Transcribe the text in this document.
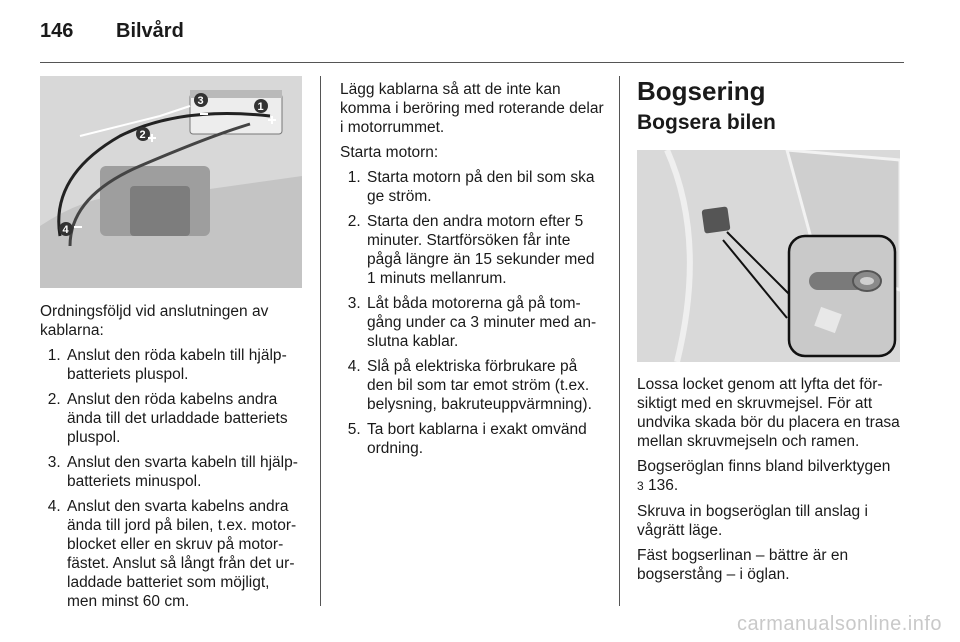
146 Bilvård
1
2
3
4

Ordningsföljd vid anslutningen av kablarna:

1. Anslut den röda kabeln till hjälpbatteriets pluspol.
2. Anslut den röda kabelns andra ända till det urladdade batteriets pluspol.
3. Anslut den svarta kabeln till hjälpbatteriets minuspol.
4. Anslut den svarta kabelns andra ända till jord på bilen, t.ex. motorblocket eller en skruv på motorfästet. Anslut så långt från det urladdade batteriet som möjligt, men minst 60 cm.

Lägg kablarna så att de inte kan komma i beröring med roterande delar i motorrummet.

Starta motorn:

1. Starta motorn på den bil som ska ge ström.
2. Starta den andra motorn efter 5 minuter. Startförsöken får inte pågå längre än 15 sekunder med 1 minuts mellanrum.
3. Låt båda motorerna gå på tomgång under ca 3 minuter med anslutna kablar.
4. Slå på elektriska förbrukare på den bil som tar emot ström (t.ex. belysning, bakruteuppvärmning).
5. Ta bort kablarna i exakt omvänd ordning.
Bogsering
Bogsera bilen

Lossa locket genom att lyfta det försiktigt med en skruvmejsel. För att undvika skada bör du placera en trasa mellan skruvmejseln och ramen.

Bogseröglan finns bland bilverktygen
3 136.

Skruva in bogseröglan till anslag i vågrätt läge.

Fäst bogserlinan – bättre är en bogserstång – i öglan.

carmanualsonline.info
